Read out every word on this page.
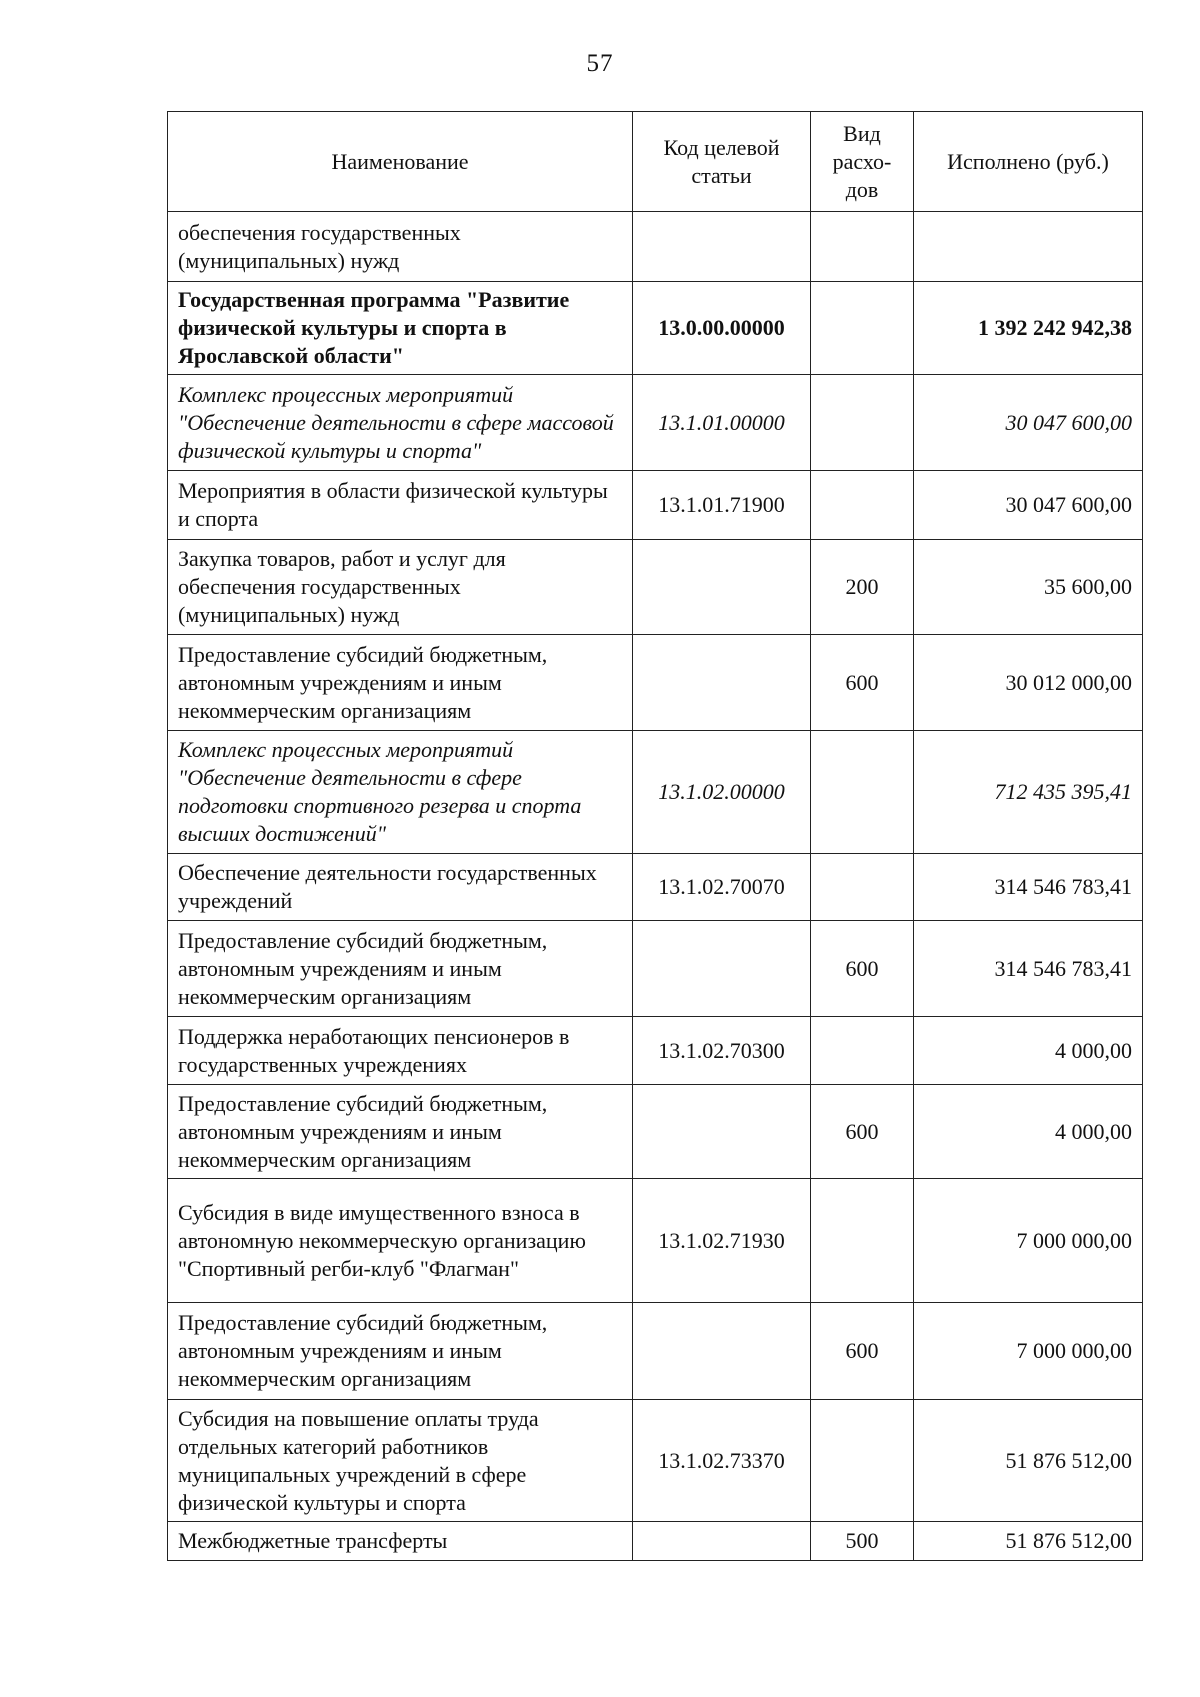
57
Наименование	Код целевой статьи	Вид расхо-дов	Исполнено (руб.)
обеспечения государственных (муниципальных) нужд			
Государственная программа "Развитие физической культуры и спорта в Ярославской области"	13.0.00.00000		1 392 242 942,38
Комплекс процессных мероприятий "Обеспечение деятельности в сфере массовой физической культуры и спорта"	13.1.01.00000		30 047 600,00
Мероприятия в области физической культуры и спорта	13.1.01.71900		30 047 600,00
Закупка товаров, работ и услуг для обеспечения государственных (муниципальных) нужд		200	35 600,00
Предоставление субсидий бюджетным, автономным учреждениям и иным некоммерческим организациям		600	30 012 000,00
Комплекс процессных мероприятий "Обеспечение деятельности в сфере подготовки спортивного резерва и спорта высших достижений"	13.1.02.00000		712 435 395,41
Обеспечение деятельности государственных учреждений	13.1.02.70070		314 546 783,41
Предоставление субсидий бюджетным, автономным учреждениям и иным некоммерческим организациям		600	314 546 783,41
Поддержка неработающих пенсионеров в государственных учреждениях	13.1.02.70300		4 000,00
Предоставление субсидий бюджетным, автономным учреждениям и иным некоммерческим организациям		600	4 000,00
Субсидия в виде имущественного взноса в автономную некоммерческую организацию "Спортивный регби-клуб "Флагман"	13.1.02.71930		7 000 000,00
Предоставление субсидий бюджетным, автономным учреждениям и иным некоммерческим организациям		600	7 000 000,00
Субсидия на повышение оплаты труда отдельных категорий работников муниципальных учреждений в сфере физической культуры и спорта	13.1.02.73370		51 876 512,00
Межбюджетные трансферты		500	51 876 512,00
